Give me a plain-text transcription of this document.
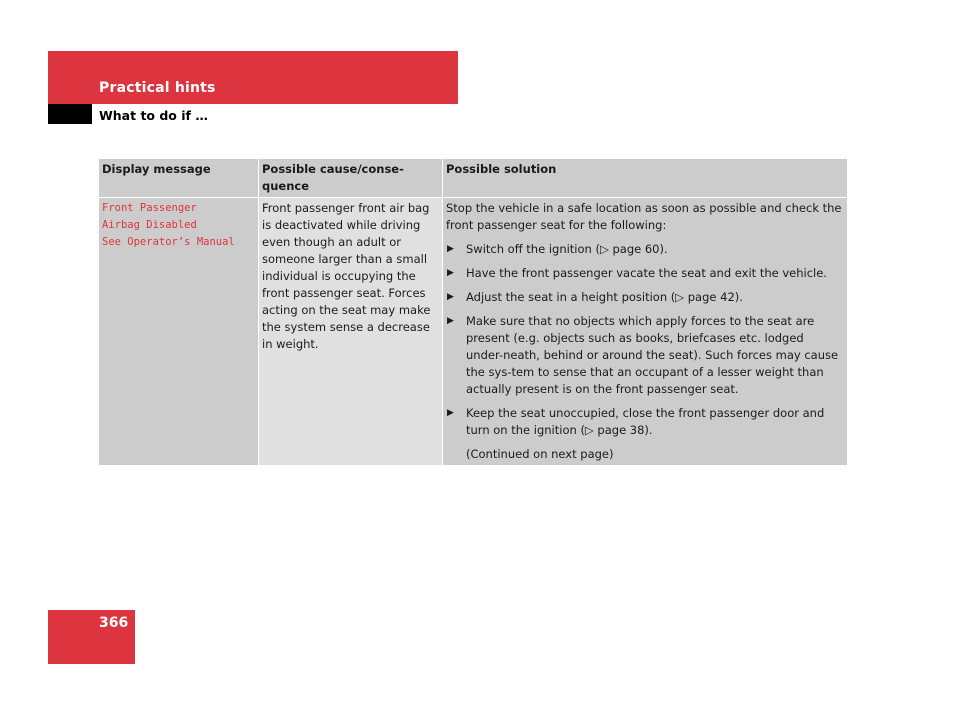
Practical hints
What to do if …
Display message	Possible cause/conse-
quence
Possible solution
Front Passenger
Airbag Disabled
See Operator’s Manual
Front passenger front air bag is deactivated while driving even though an adult or someone larger than a small individual is occupying the front passenger seat. Forces acting on the seat may make the system sense a decrease in weight.
Stop the vehicle in a safe location as soon as possible and check the front passenger seat for the following:
▶ Switch off the ignition (▷ page 60).
▶ Have the front passenger vacate the seat and exit the vehicle.
▶ Adjust the seat in a height position (▷ page 42).
▶ Make sure that no objects which apply forces to the seat are present (e.g. objects such as books, briefcases etc. lodged under-neath, behind or around the seat). Such forces may cause the sys-tem to sense that an occupant of a lesser weight than actually present is on the front passenger seat.
▶ Keep the seat unoccupied, close the front passenger door and turn on the ignition (▷ page 38).
(Continued on next page)
366
